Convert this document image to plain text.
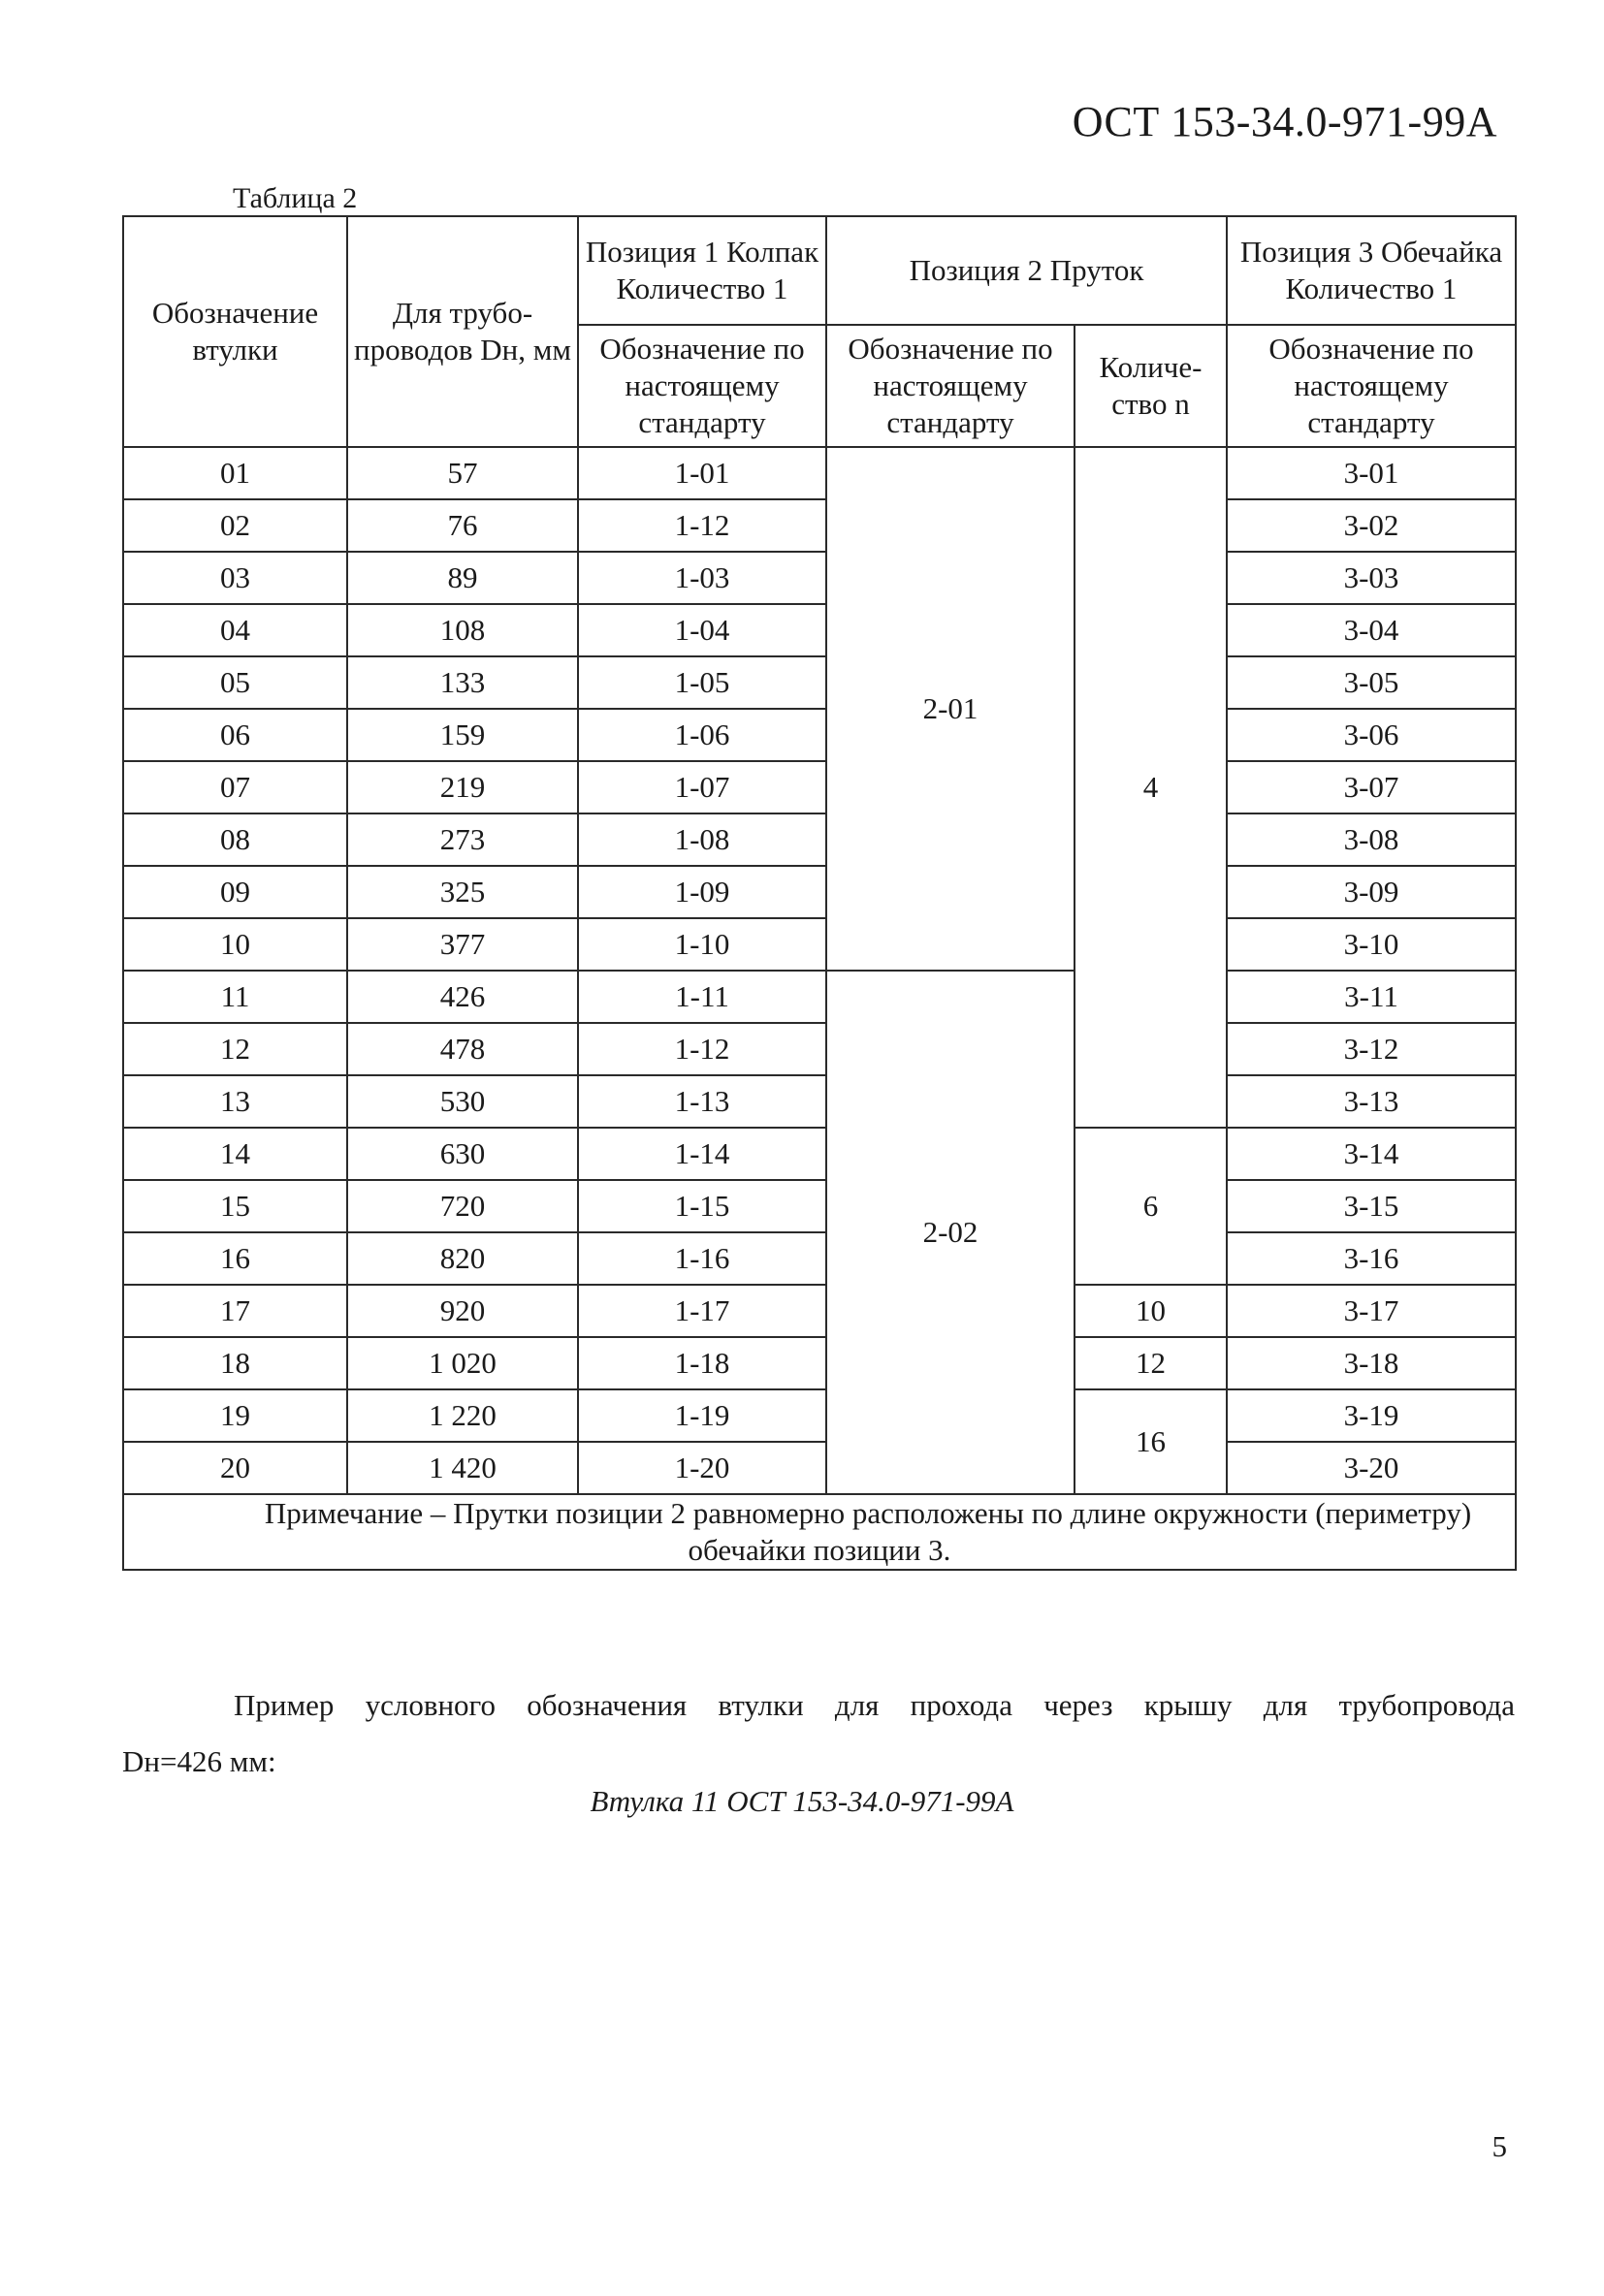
ОСТ 153-34.0-971-99А
Таблица 2
Обозначение втулки	Для трубо-проводов Dн, мм	Позиция 1 Колпак Количество 1	Позиция 2 Пруток		Позиция 3 Обечайка Количество 1
		Обозначение по настоящему стандарту	Обозначение по настоящему стандарту	Количе-ство n	Обозначение по настоящему стандарту
01	57	1-01	2-01	4	3-01
02	76	1-12			3-02
03	89	1-03			3-03
04	108	1-04			3-04
05	133	1-05			3-05
06	159	1-06			3-06
07	219	1-07			3-07
08	273	1-08			3-08
09	325	1-09			3-09
10	377	1-10			3-10
11	426	1-11	2-02		3-11
12	478	1-12			3-12
13	530	1-13			3-13
14	630	1-14		6	3-14
15	720	1-15			3-15
16	820	1-16			3-16
17	920	1-17		10	3-17
18	1 020	1-18		12	3-18
19	1 220	1-19		16	3-19
20	1 420	1-20			3-20

Примечание – Прутки позиции 2 равномерно расположены по длине окружности (периметру) обечайки позиции 3.					
Пример условного обозначения втулки для прохода через крышу для трубопровода
Dн=426 мм:
Втулка 11 ОСТ 153-34.0-971-99А
5
